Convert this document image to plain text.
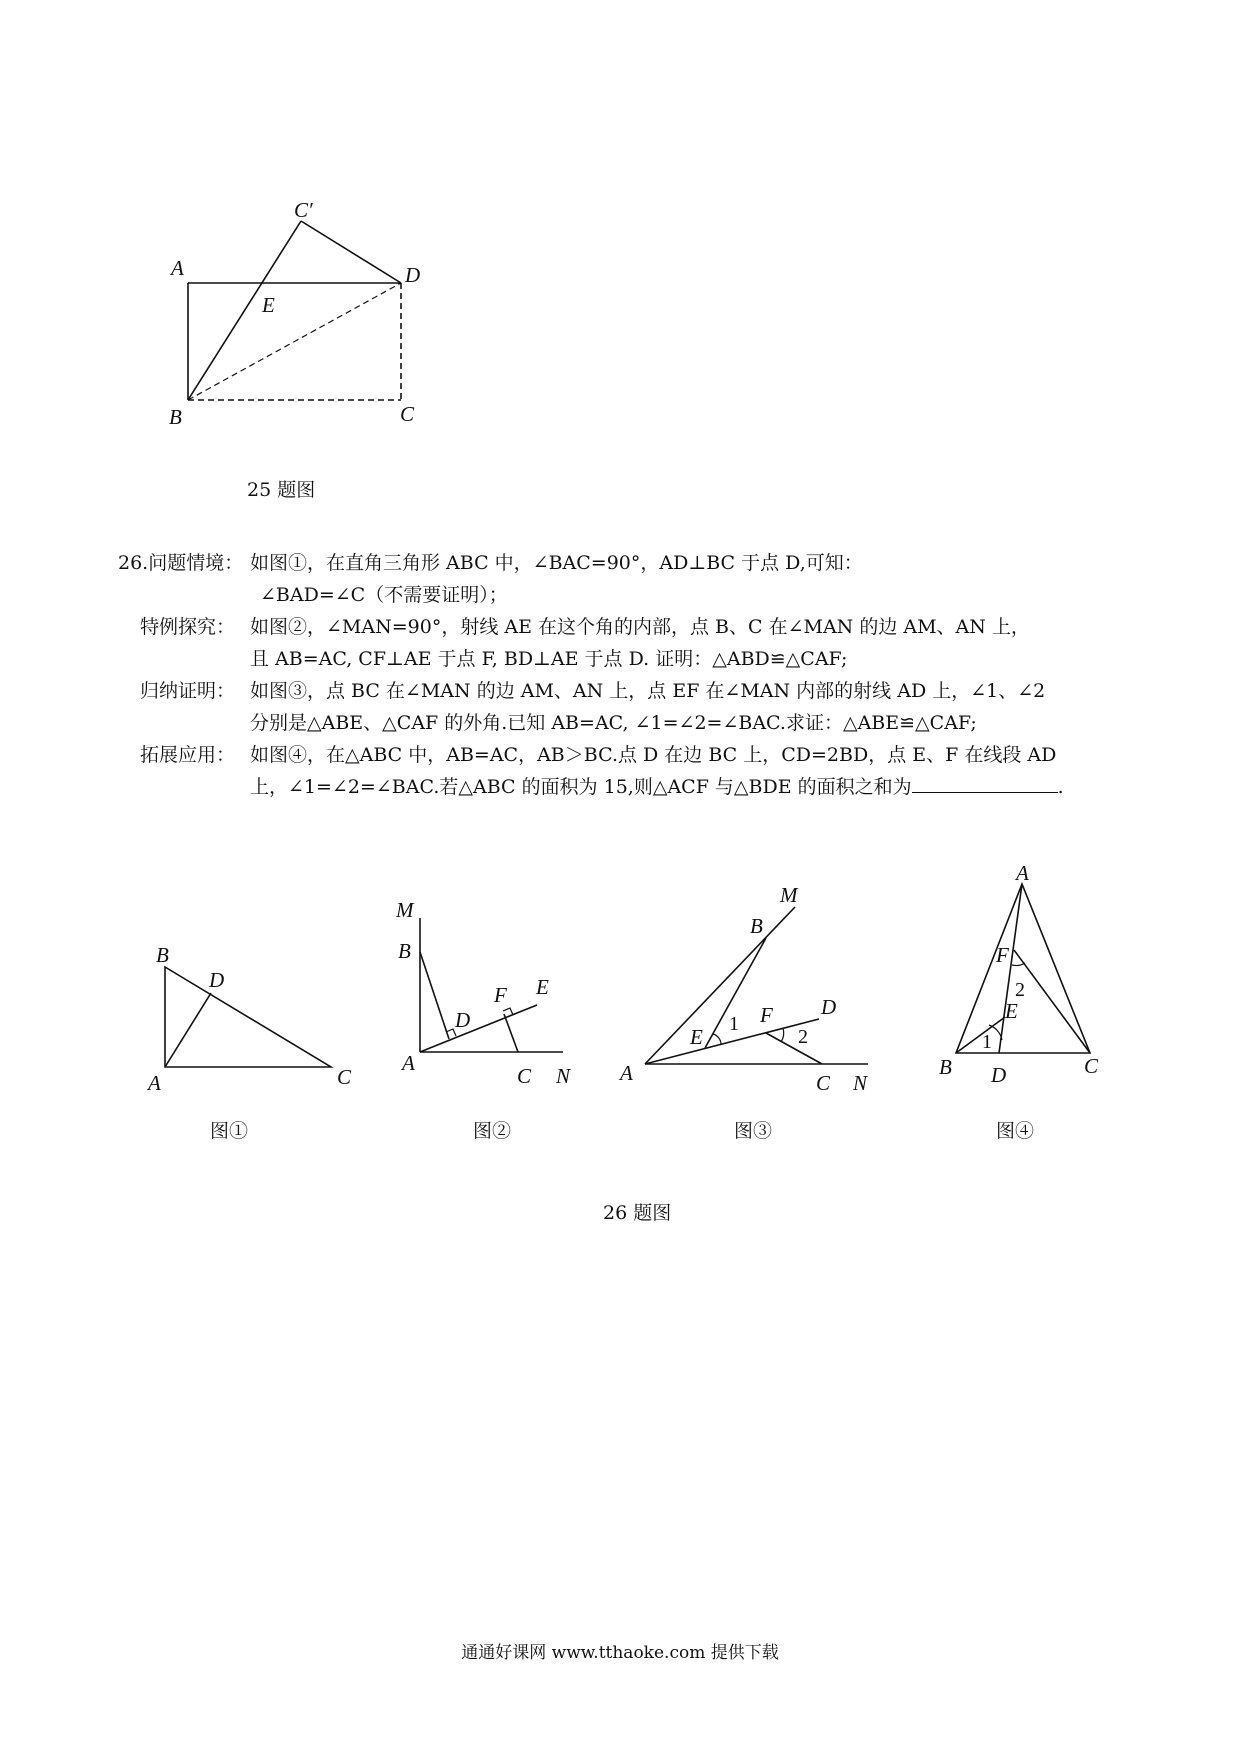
C′
A	D
E
B	C
25 题图
26.问题情境： 如图①，在直角三角形 ABC 中，∠BAC=90°，AD⊥BC 于点 D,可知：
∠BAD=∠C（不需要证明）；
特例探究： 如图②，∠MAN=90°，射线 AE 在这个角的内部，点 B、C 在∠MAN 的边 AM、AN 上，
且 AB=AC, CF⊥AE 于点 F, BD⊥AE 于点 D. 证明：△ABD≌△CAF;
归纳证明： 如图③，点 BC 在∠MAN 的边 AM、AN 上，点 EF 在∠MAN 内部的射线 AD 上，∠1、∠2
分别是△ABE、△CAF 的外角.已知 AB=AC, ∠1=∠2=∠BAC.求证：△ABE≌△CAF;
拓展应用： 如图④，在△ABC 中，AB=AC，AB＞BC.点 D 在边 BC 上，CD=2BD，点 E、F 在线段 AD
上，∠1=∠2=∠BAC.若△ABC 的面积为 15,则△ACF 与△BDE 的面积之和为	.
B
D
A	C
M
B
F E
D
A
C N
M
B
E
1 F D
2
A	C N
A
F
2
E
1
B D	C
图①	图②	图③	图④
26 题图
通通好课网 www.tthaoke.com 提供下载
